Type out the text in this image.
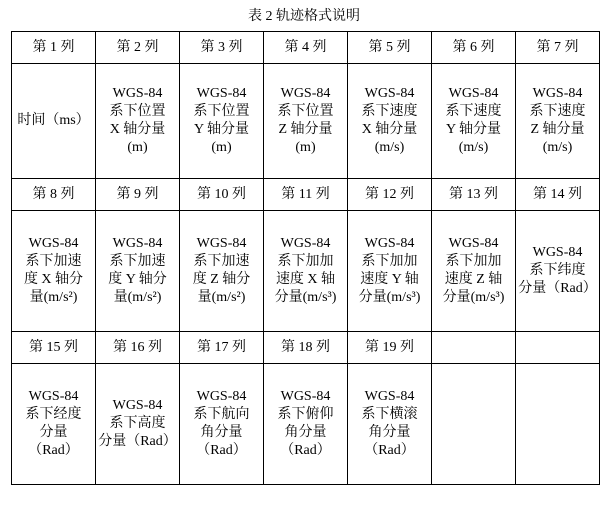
表 2 轨迹格式说明
第 1 列	第 2 列	第 3 列	第 4 列	第 5 列	第 6 列	第 7 列

时间（ms）	WGS-84
系下位置
X 轴分量
(m)	WGS-84
系下位置
Y 轴分量
(m)	WGS-84
系下位置
Z 轴分量
(m)	WGS-84
系下速度
X 轴分量
(m/s)	WGS-84
系下速度
Y 轴分量
(m/s)	WGS-84
系下速度
Z 轴分量
(m/s)

第 8 列	第 9 列	第 10 列	第 11 列	第 12 列	第 13 列	第 14 列

WGS-84
系下加速
度 X 轴分
量(m/s²)	WGS-84
系下加速
度 Y 轴分
量(m/s²)	WGS-84
系下加速
度 Z 轴分
量(m/s²)	WGS-84
系下加加
速度 X 轴
分量(m/s³)	WGS-84
系下加加
速度 Y 轴
分量(m/s³)	WGS-84
系下加加
速度 Z 轴
分量(m/s³)	WGS-84
系下纬度
分量（Rad）

第 15 列	第 16 列	第 17 列	第 18 列	第 19 列		

WGS-84
系下经度
分量
（Rad）	WGS-84
系下高度
分量（Rad）	WGS-84
系下航向
角分量
（Rad）	WGS-84
系下俯仰
角分量
（Rad）	WGS-84
系下横滚
角分量
（Rad）		
